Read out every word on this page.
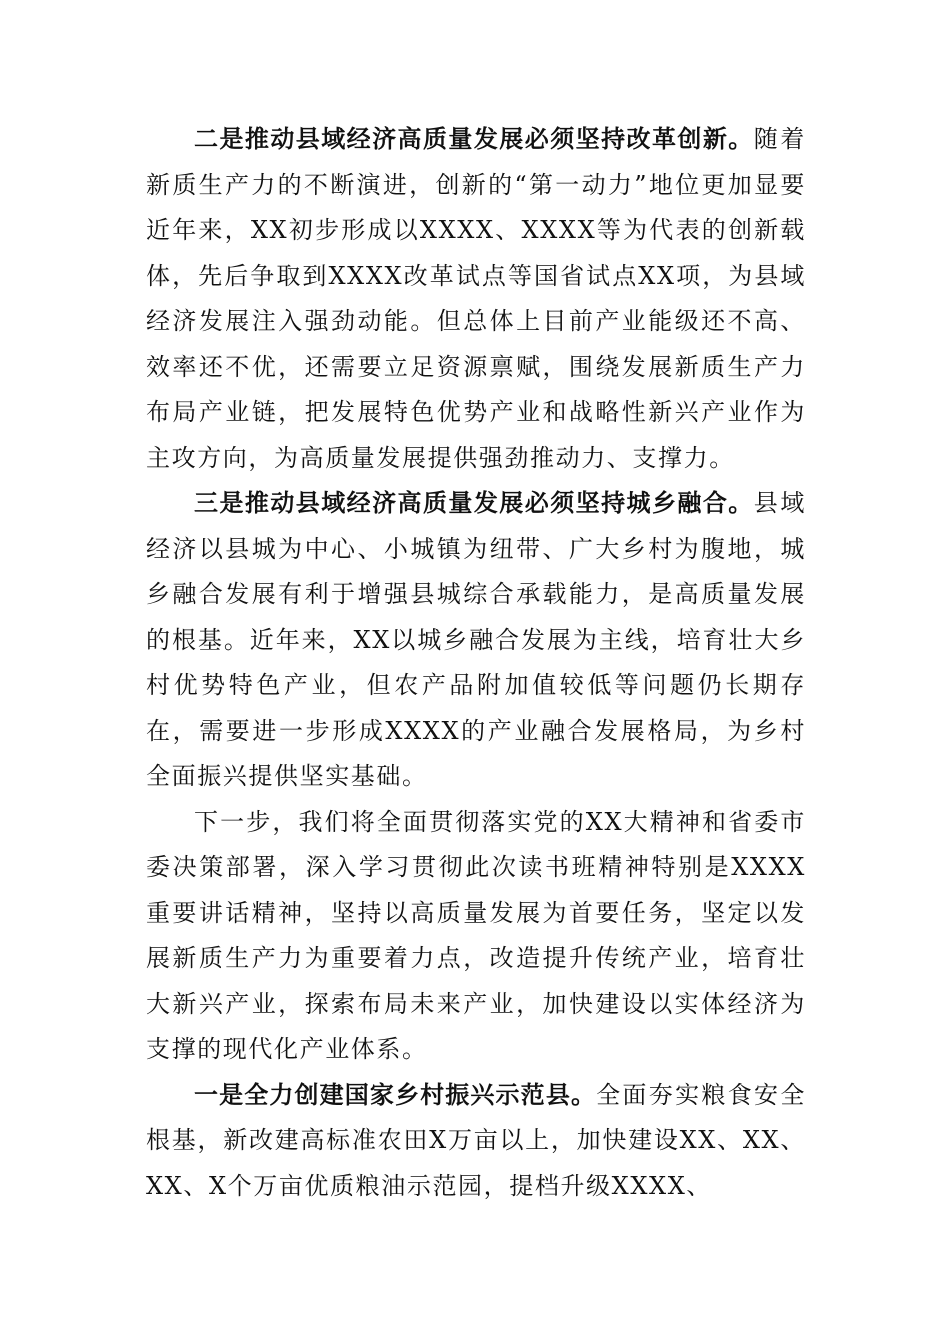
二是推动县域经济高质量发展必须坚持改革创新。随着新质生产力的不断演进，创新的“第一动力”地位更加显要近年来，XX初步形成以XXXX、XXXX等为代表的创新载体，先后争取到XXXX改革试点等国省试点XX项，为县域经济发展注入强劲动能。但总体上目前产业能级还不高、效率还不优，还需要立足资源禀赋，围绕发展新质生产力布局产业链，把发展特色优势产业和战略性新兴产业作为主攻方向，为高质量发展提供强劲推动力、支撑力。

三是推动县域经济高质量发展必须坚持城乡融合。县域经济以县城为中心、小城镇为纽带、广大乡村为腹地，城乡融合发展有利于增强县城综合承载能力，是高质量发展的根基。近年来，XX以城乡融合发展为主线，培育壮大乡村优势特色产业，但农产品附加值较低等问题仍长期存在，需要进一步形成XXXX的产业融合发展格局，为乡村全面振兴提供坚实基础。

下一步，我们将全面贯彻落实党的XX大精神和省委市委决策部署，深入学习贯彻此次读书班精神特别是XXXX重要讲话精神，坚持以高质量发展为首要任务，坚定以发展新质生产力为重要着力点，改造提升传统产业，培育壮大新兴产业，探索布局未来产业，加快建设以实体经济为支撑的现代化产业体系。

一是全力创建国家乡村振兴示范县。全面夯实粮食安全根基，新改建高标准农田X万亩以上，加快建设XX、XX、XX、X个万亩优质粮油示范园，提档升级XXXX、
